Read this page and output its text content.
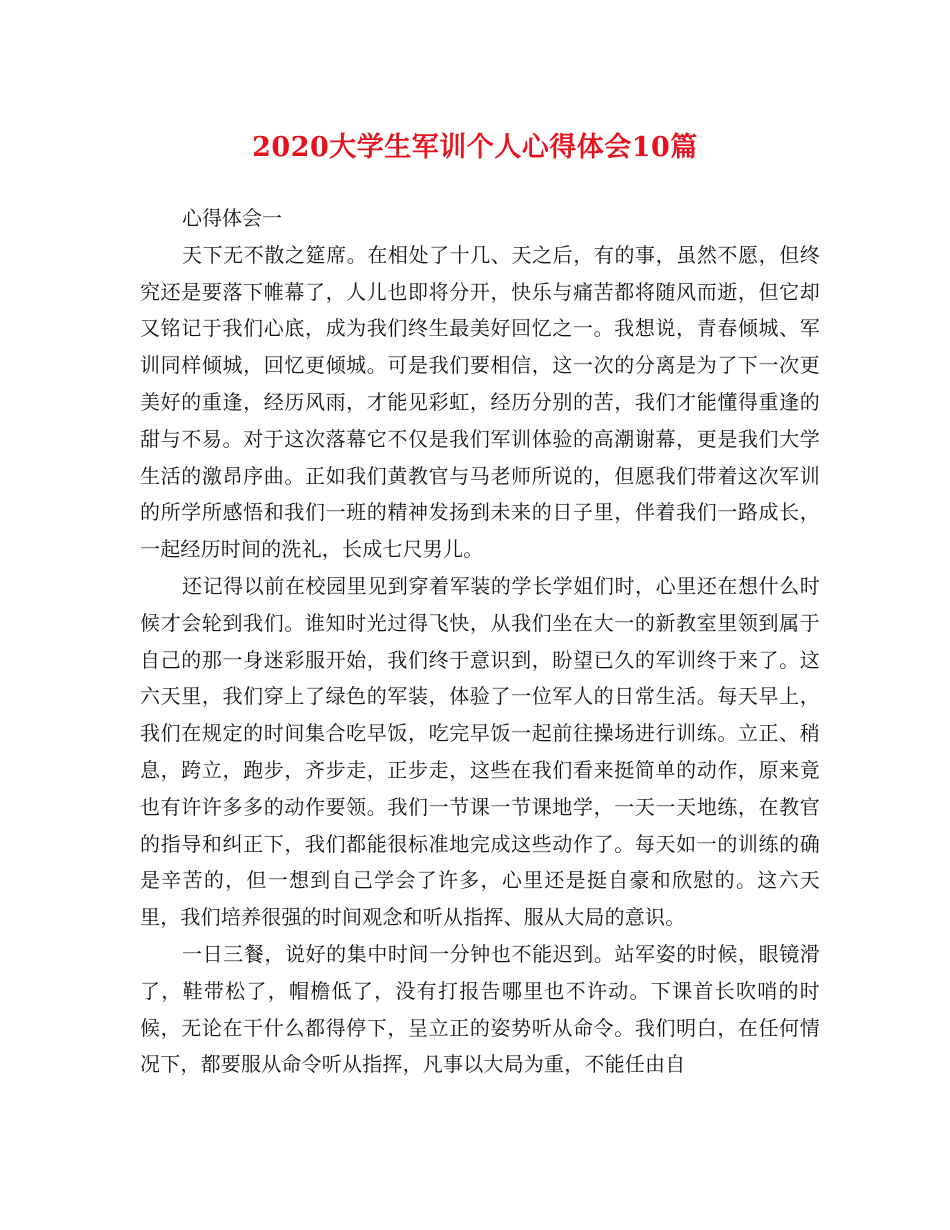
2020大学生军训个人心得体会10篇

心得体会一

天下无不散之筵席。在相处了十几、天之后，有的事，虽然不愿，但终究还是要落下帷幕了，人儿也即将分开，快乐与痛苦都将随风而逝，但它却又铭记于我们心底，成为我们终生最美好回忆之一。我想说，青春倾城、军训同样倾城，回忆更倾城。可是我们要相信，这一次的分离是为了下一次更美好的重逢，经历风雨，才能见彩虹，经历分别的苦，我们才能懂得重逢的甜与不易。对于这次落幕它不仅是我们军训体验的高潮谢幕，更是我们大学生活的激昂序曲。正如我们黄教官与马老师所说的，但愿我们带着这次军训的所学所感悟和我们一班的精神发扬到未来的日子里，伴着我们一路成长，一起经历时间的洗礼，长成七尺男儿。

还记得以前在校园里见到穿着军装的学长学姐们时，心里还在想什么时候才会轮到我们。谁知时光过得飞快，从我们坐在大一的新教室里领到属于自己的那一身迷彩服开始，我们终于意识到，盼望已久的军训终于来了。这六天里，我们穿上了绿色的军装，体验了一位军人的日常生活。每天早上，我们在规定的时间集合吃早饭，吃完早饭一起前往操场进行训练。立正、稍息，跨立，跑步，齐步走，正步走，这些在我们看来挺简单的动作，原来竟也有许许多多的动作要领。我们一节课一节课地学，一天一天地练，在教官的指导和纠正下，我们都能很标准地完成这些动作了。每天如一的训练的确是辛苦的，但一想到自己学会了许多，心里还是挺自豪和欣慰的。这六天里，我们培养很强的时间观念和听从指挥、服从大局的意识。

一日三餐，说好的集中时间一分钟也不能迟到。站军姿的时候，眼镜滑了，鞋带松了，帽檐低了，没有打报告哪里也不许动。下课首长吹哨的时候，无论在干什么都得停下，呈立正的姿势听从命令。我们明白，在任何情况下，都要服从命令听从指挥，凡事以大局为重，不能任由自
